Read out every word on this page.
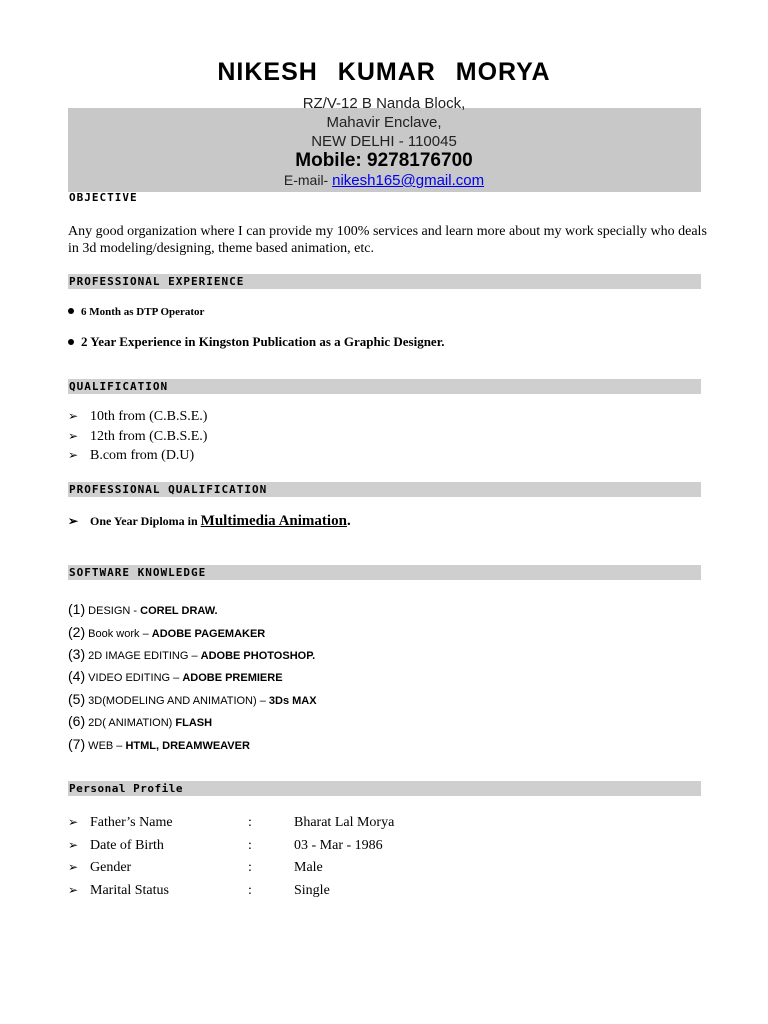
NIKESH KUMAR MORYA
RZ/V-12 B Nanda Block,
Mahavir Enclave,
NEW DELHI - 110045
Mobile: 9278176700
E-mail- nikesh165@gmail.com
OBJECTIVE
Any good organization where I can provide my 100% services and learn more about my work specially who deals in 3d modeling/designing, theme based animation, etc.
PROFESSIONAL EXPERIENCE
6 Month as DTP Operator
2 Year Experience in Kingston Publication as a Graphic Designer.
QUALIFICATION
➢ 10th from (C.B.S.E.)
➢ 12th from (C.B.S.E.)
➢ B.com from (D.U)
PROFESSIONAL QUALIFICATION
➢ One Year Diploma in Multimedia Animation.
SOFTWARE KNOWLEDGE
(1) DESIGN - COREL DRAW.
(2) Book work – ADOBE PAGEMAKER
(3) 2D IMAGE EDITING – ADOBE PHOTOSHOP.
(4) VIDEO EDITING – ADOBE PREMIERE
(5) 3D(MODELING AND ANIMATION) – 3Ds MAX
(6) 2D( ANIMATION) FLASH
(7) WEB – HTML, DREAMWEAVER
Personal Profile
➢ Father’s Name	:	Bharat Lal Morya
➢ Date of Birth	:	03 - Mar - 1986
➢ Gender	:	Male
➢ Marital Status	:	Single
